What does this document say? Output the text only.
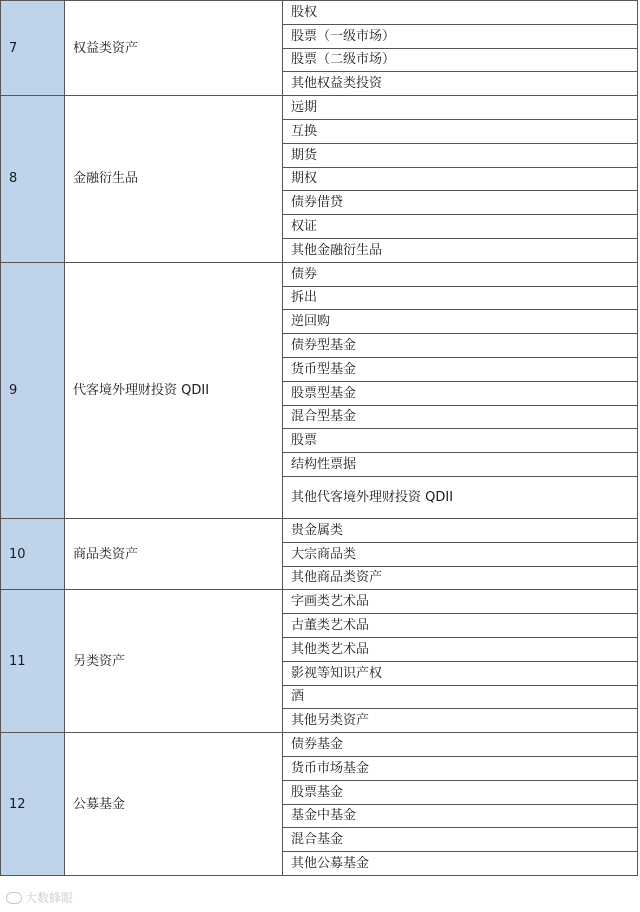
7	权益类资产	股权
		股票（一级市场）
		股票（二级市场）
		其他权益类投资
8	金融衍生品	远期
		互换
		期货
		期权
		债券借贷
		权证
		其他金融衍生品
9	代客境外理财投资 QDII	债券
		拆出
		逆回购
		债券型基金
		货币型基金
		股票型基金
		混合型基金
		股票
		结构性票据
		其他代客境外理财投资 QDII
10	商品类资产	贵金属类
		大宗商品类
		其他商品类资产
11	另类资产	字画类艺术品
		古董类艺术品
		其他类艺术品
		影视等知识产权
		酒
		其他另类资产
12	公募基金	债券基金
		货币市场基金
		股票基金
		基金中基金
		混合基金
		其他公募基金
大数蜂眼
